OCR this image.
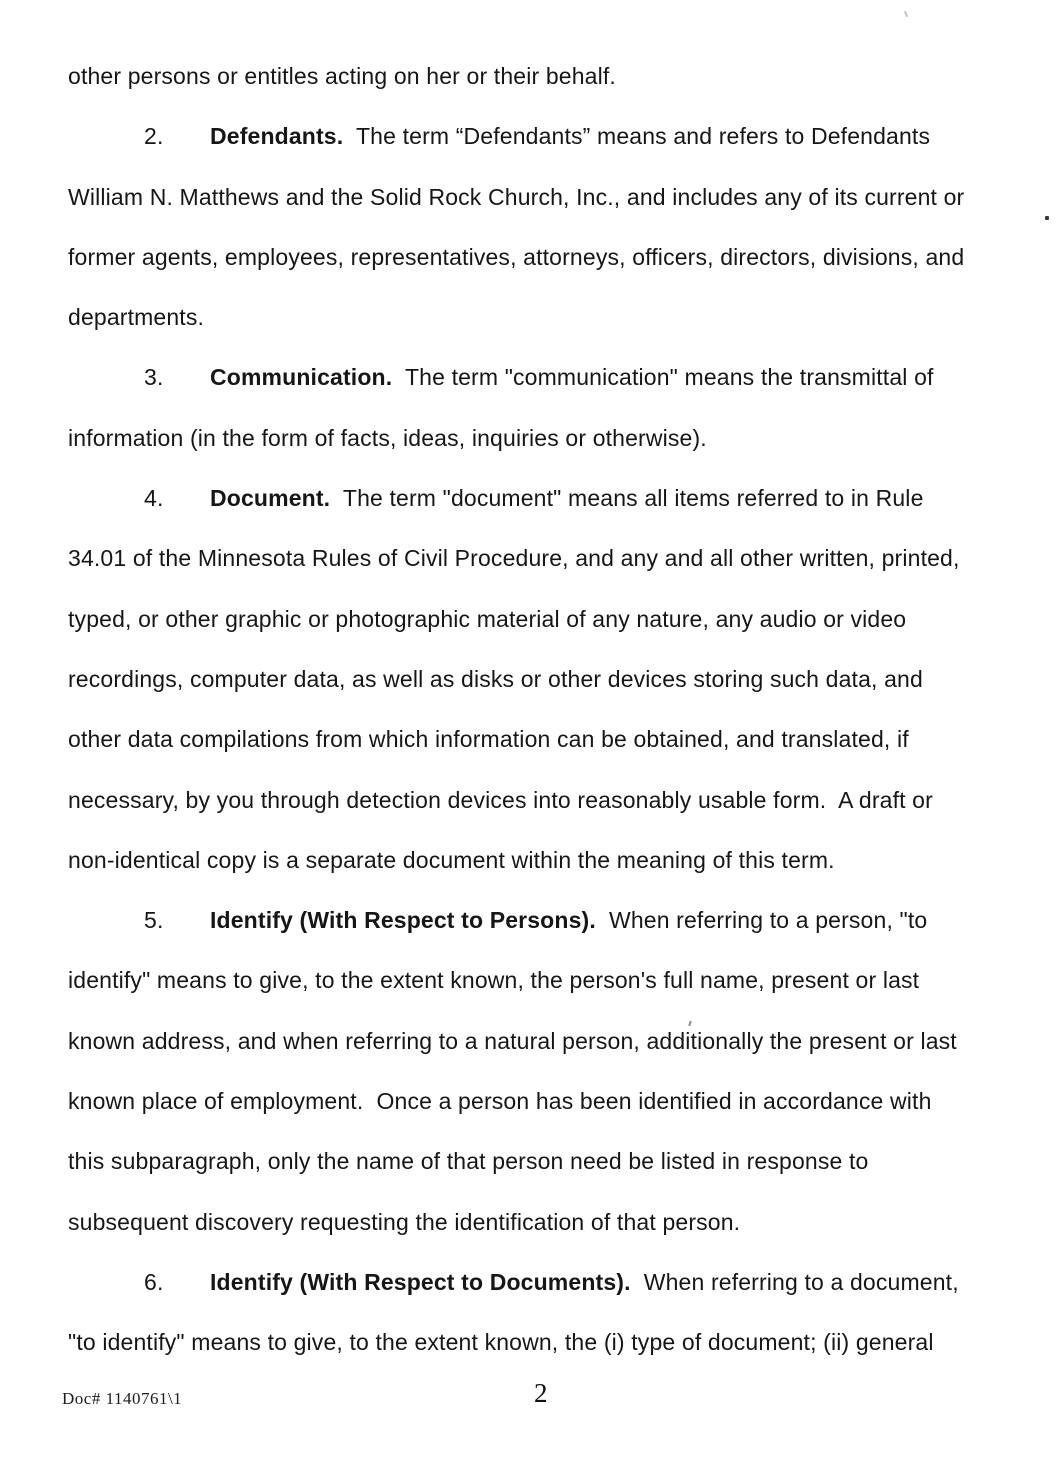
other persons or entitles acting on her or their behalf.
2. Defendants.  The term “Defendants” means and refers to Defendants
William N. Matthews and the Solid Rock Church, Inc., and includes any of its current or
former agents, employees, representatives, attorneys, officers, directors, divisions, and
departments.
3. Communication.  The term "communication" means the transmittal of
information (in the form of facts, ideas, inquiries or otherwise).
4. Document.  The term "document" means all items referred to in Rule
34.01 of the Minnesota Rules of Civil Procedure, and any and all other written, printed,
typed, or other graphic or photographic material of any nature, any audio or video
recordings, computer data, as well as disks or other devices storing such data, and
other data compilations from which information can be obtained, and translated, if
necessary, by you through detection devices into reasonably usable form.  A draft or
non-identical copy is a separate document within the meaning of this term.
5. Identify (With Respect to Persons).  When referring to a person, "to
identify" means to give, to the extent known, the person's full name, present or last
known address, and when referring to a natural person, additionally the present or last
known place of employment.  Once a person has been identified in accordance with
this subparagraph, only the name of that person need be listed in response to
subsequent discovery requesting the identification of that person.
6. Identify (With Respect to Documents).  When referring to a document,
"to identify" means to give, to the extent known, the (i) type of document; (ii) general
Doc# 1140761\1	2
